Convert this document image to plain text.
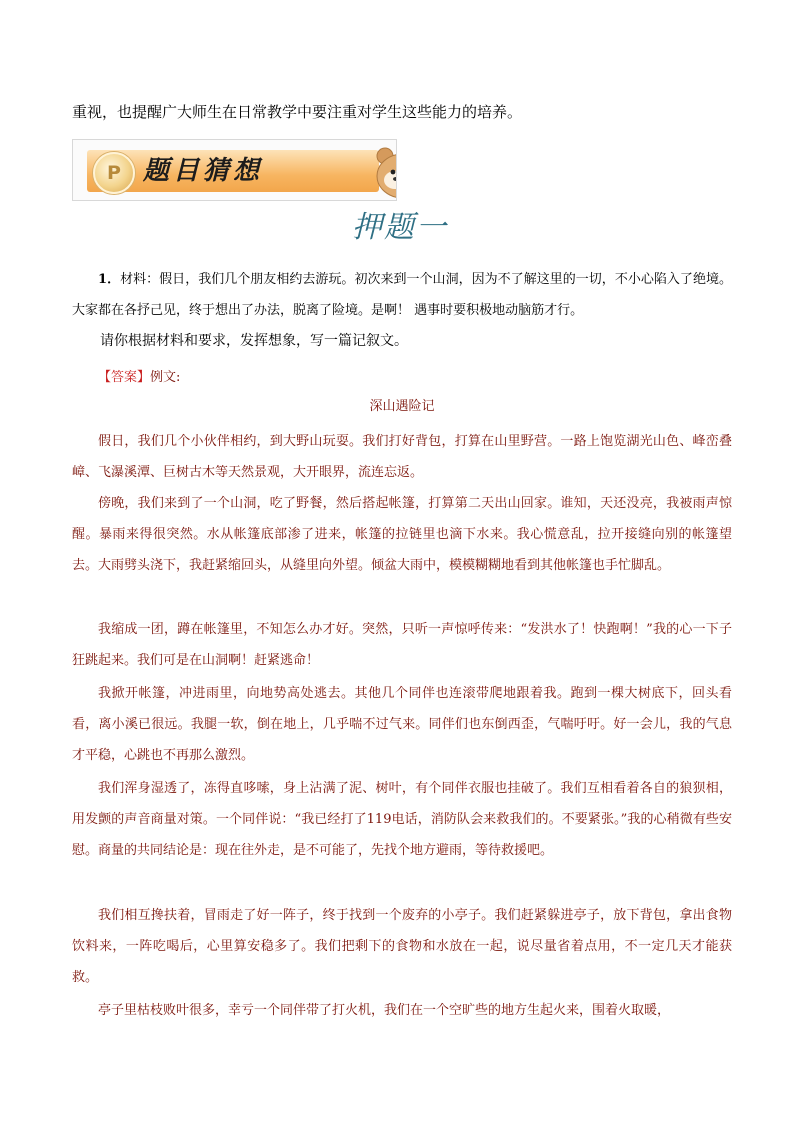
重视，也提醒广大师生在日常教学中要注重对学生这些能力的培养。
P 题目猜想
押题一
1．材料：假日，我们几个朋友相约去游玩。初次来到一个山洞，因为不了解这里的一切，不小心陷入了绝境。大家都在各抒己见，终于想出了办法，脱离了险境。是啊！ 遇事时要积极地动脑筋才行。
请你根据材料和要求，发挥想象，写一篇记叙文。
【答案】例文:
深山遇险记
假日，我们几个小伙伴相约，到大野山玩耍。我们打好背包，打算在山里野营。一路上饱览湖光山色、峰峦叠嶂、飞瀑溪潭、巨树古木等天然景观，大开眼界，流连忘返。
傍晚，我们来到了一个山洞，吃了野餐，然后搭起帐篷，打算第二天出山回家。谁知，天还没亮，我被雨声惊醒。暴雨来得很突然。水从帐篷底部渗了进来，帐篷的拉链里也滴下水来。我心慌意乱，拉开接缝向别的帐篷望去。大雨劈头浇下，我赶紧缩回头，从缝里向外望。倾盆大雨中，模模糊糊地看到其他帐篷也手忙脚乱。
我缩成一团，蹲在帐篷里，不知怎么办才好。突然，只听一声惊呼传来：“发洪水了！快跑啊！”我的心一下子狂跳起来。我们可是在山洞啊！赶紧逃命！
我掀开帐篷，冲进雨里，向地势高处逃去。其他几个同伴也连滚带爬地跟着我。跑到一棵大树底下，回头看看，离小溪已很远。我腿一软，倒在地上，几乎喘不过气来。同伴们也东倒西歪，气喘吁吁。好一会儿，我的气息才平稳，心跳也不再那么激烈。
我们浑身湿透了，冻得直哆嗦，身上沾满了泥、树叶，有个同伴衣服也挂破了。我们互相看着各自的狼狈相，用发颤的声音商量对策。一个同伴说：“我已经打了119电话，消防队会来救我们的。不要紧张。”我的心稍微有些安慰。商量的共同结论是：现在往外走，是不可能了，先找个地方避雨，等待救援吧。
我们相互搀扶着，冒雨走了好一阵子，终于找到一个废弃的小亭子。我们赶紧躲进亭子，放下背包，拿出食物饮料来，一阵吃喝后，心里算安稳多了。我们把剩下的食物和水放在一起，说尽量省着点用，不一定几天才能获救。
亭子里枯枝败叶很多，幸亏一个同伴带了打火机，我们在一个空旷些的地方生起火来，围着火取暖，
